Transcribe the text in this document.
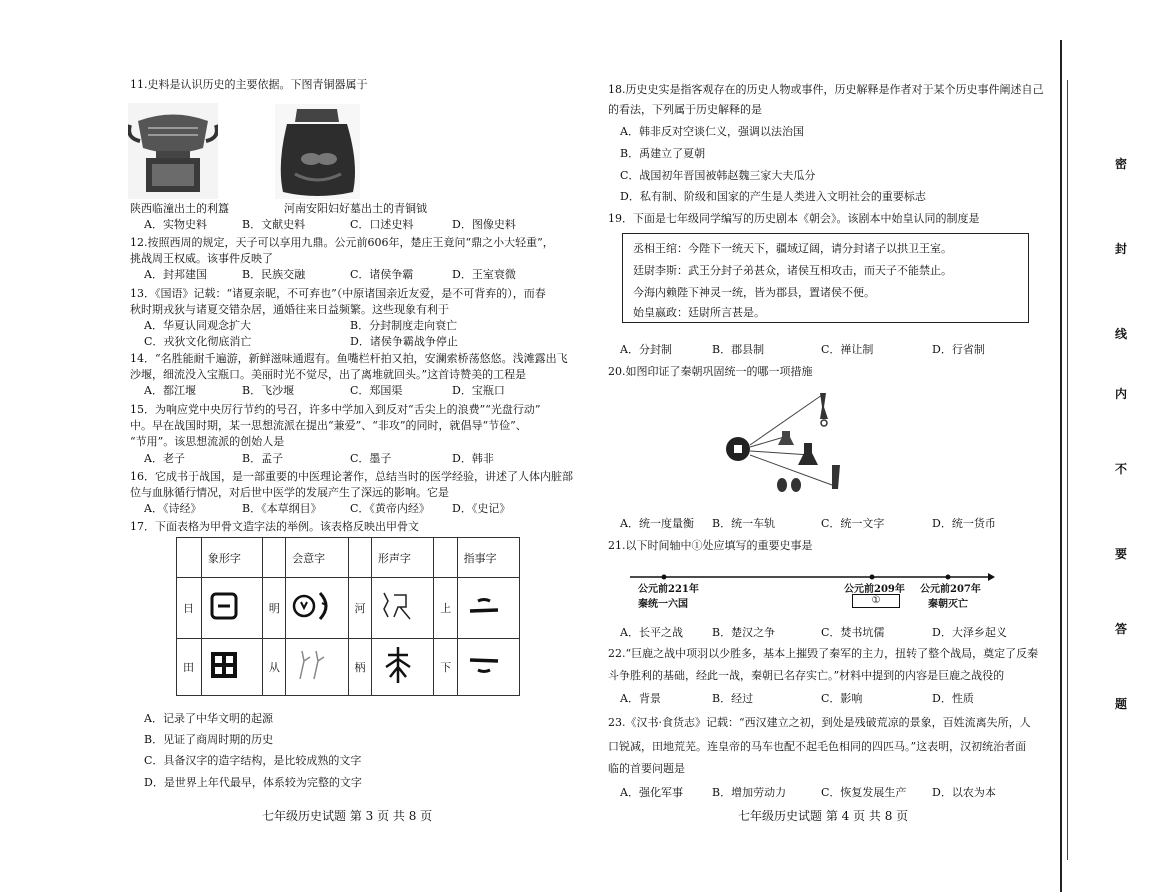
11.史料是认识历史的主要依据。下图青铜器属于
陕西临潼出土的利簋	河南安阳妇好墓出土的青铜钺
A．实物史料	B．文献史料	C．口述史料	D．图像史料
12.按照西周的规定，天子可以享用九鼎。公元前606年，楚庄王竟问“鼎之小大轻重”，
挑战周王权威。该事件反映了
A．封邦建国	B．民族交融	C．诸侯争霸	D．王室衰微
13．《国语》记载：“诸夏亲昵，不可弃也”（中原诸国亲近友爱，是不可背弃的），而春
秋时期戎狄与诸夏交错杂居，通婚往来日益频繁。这些现象有利于
A．华夏认同观念扩大	B．分封制度走向衰亡
C．戎狄文化彻底消亡	D．诸侯争霸战争停止
14．“名胜能耐千遍游，新鲜滋味通遐有。鱼嘴栏杆拍又拍，安澜索桥荡悠悠。浅滩露出飞
沙堰，细流没入宝瓶口。美丽时光不觉尽，出了离堆就回头。”这首诗赞美的工程是
A．都江堰	B．飞沙堰	C．郑国渠	D．宝瓶口
15．为响应党中央厉行节约的号召，许多中学加入到反对“舌尖上的浪费”“光盘行动”
中。早在战国时期，某一思想流派在提出“兼爱”、“非攻”的同时，就倡导“节俭”、
“节用”。该思想流派的创始人是
A．老子	B．孟子	C．墨子	D．韩非
16．它成书于战国，是一部重要的中医理论著作，总结当时的医学经验，讲述了人体内脏部
位与血脉循行情况，对后世中医学的发展产生了深远的影响。它是
A．《诗经》	B．《本草纲目》	C．《黄帝内经》 D．《史记》
17．下面表格为甲骨文造字法的举例。该表格反映出甲骨文
	象形字		会意字		形声字		指事字
日		明		河		上	
田		从		柄		下	
A．记录了中华文明的起源
B．见证了商周时期的历史
C．具备汉字的造字结构，是比较成熟的文字
D．是世界上年代最早，体系较为完整的文字
七年级历史试题 第 3 页 共 8 页
18.历史史实是指客观存在的历史人物或事件，历史解释是作者对于某个历史事件阐述自己
的看法，下列属于历史解释的是
A．韩非反对空谈仁义，强调以法治国
B．禹建立了夏朝
C．战国初年晋国被韩赵魏三家大夫瓜分
D．私有制、阶级和国家的产生是人类进入文明社会的重要标志
19．下面是七年级同学编写的历史剧本《朝会》。该剧本中始皇认同的制度是
丞相王绾：今陛下一统天下，疆域辽阔，请分封诸子以拱卫王室。
廷尉李斯：武王分封子弟甚众，诸侯互相攻击，而天子不能禁止。
今海内赖陛下神灵一统，皆为郡县，置诸侯不便。
始皇嬴政：廷尉所言甚是。
A．分封制	B．郡县制	C．禅让制	D．行省制
20.如图印证了秦朝巩固统一的哪一项措施
A．统一度量衡 B．统一车轨	C．统一文字	D．统一货币
21.以下时间轴中①处应填写的重要史事是
公元前221年
秦统一六国
公元前209年
①
公元前207年
秦朝灭亡
A．长平之战	B．楚汉之争	C．焚书坑儒	D．大泽乡起义
22.“巨鹿之战中项羽以少胜多，基本上摧毁了秦军的主力，扭转了整个战局，奠定了反秦
斗争胜利的基础，经此一战，秦朝已名存实亡。”材料中提到的内容是巨鹿之战役的
A．背景	B．经过	C．影响	D．性质
23.《汉书·食货志》记载：“西汉建立之初，到处是残破荒凉的景象，百姓流离失所，人
口锐减，田地荒芜。连皇帝的马车也配不起毛色相同的四匹马。”这表明，汉初统治者面
临的首要问题是
A．强化军事	B．增加劳动力	C．恢复发展生产 D．以农为本
七年级历史试题 第 4 页 共 8 页
密
封
线
内
不
要
答
题
